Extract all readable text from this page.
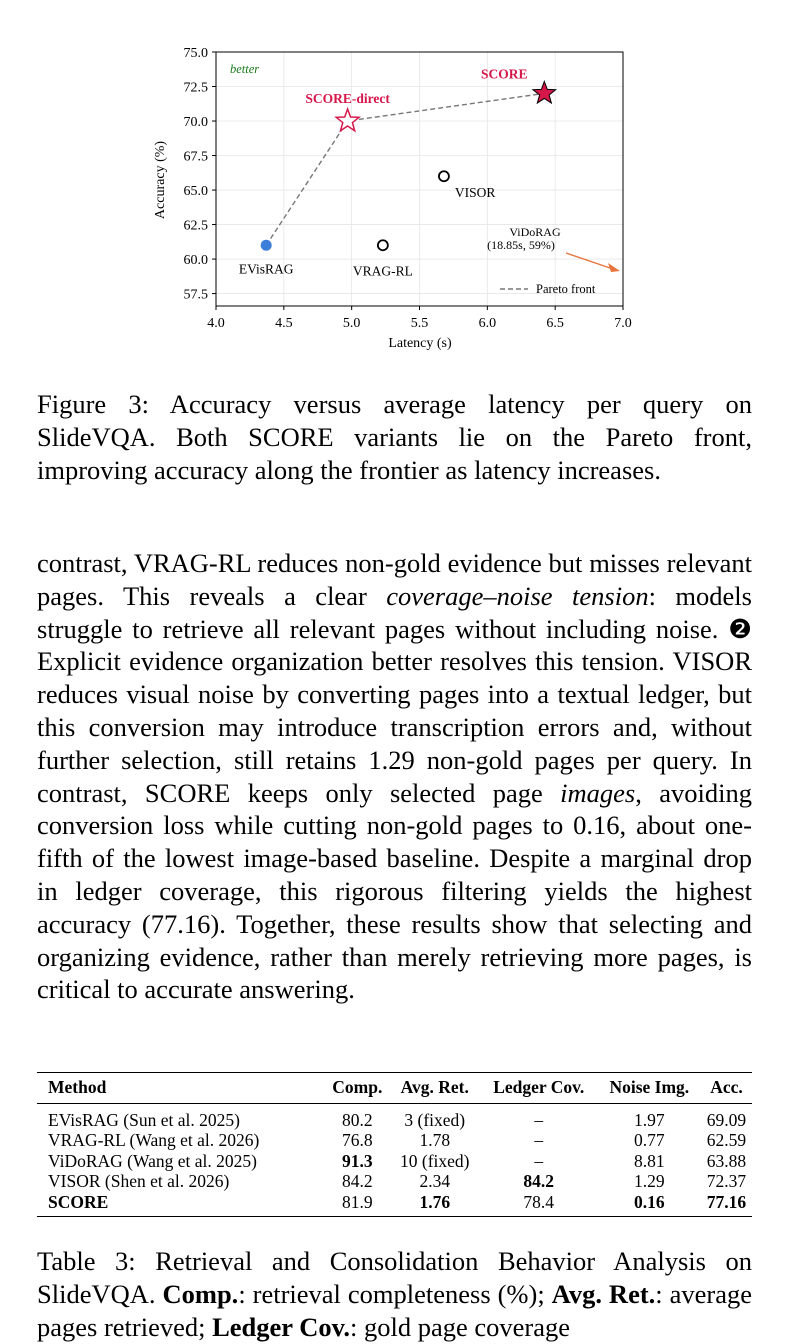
4.0	4.5	5.0	5.5	6.0	6.5	7.0
57.5
60.0
62.5
65.0
67.5
70.0
72.5
75.0
better
Latency (s)
Accuracy (%)
EVisRAG	VRAG-RL
VISOR
SCORE-direct
SCORE
ViDoRAG
(18.85s, 59%)
Pareto front
Figure 3: Accuracy versus average latency per query on SlideVQA. Both SCORE variants lie on the Pareto front, improving accuracy along the frontier as latency increases.

contrast, VRAG-RL reduces non-gold evidence but misses relevant pages. This reveals a clear coverage–noise tension: models struggle to retrieve all relevant pages without including noise. ❷ Explicit evidence organization better resolves this tension. VISOR reduces visual noise by converting pages into a textual ledger, but this conversion may introduce transcription errors and, without further selection, still retains 1.29 non-gold pages per query. In contrast, SCORE keeps only selected page images, avoiding conversion loss while cutting non-gold pages to 0.16, about one-fifth of the lowest image-based baseline. Despite a marginal drop in ledger coverage, this rigorous filtering yields the highest accuracy (77.16). Together, these results show that selecting and organizing evidence, rather than merely retrieving more pages, is critical to accurate answering.

Method	Comp.	Avg. Ret.	Ledger Cov.	Noise Img.	Acc.
EVisRAG (Sun et al. 2025)	80.2	3 (fixed)	–	1.97	69.09
VRAG-RL (Wang et al. 2026)	76.8	1.78	–	0.77	62.59
ViDoRAG (Wang et al. 2025)	91.3	10 (fixed)	–	8.81	63.88
VISOR (Shen et al. 2026)	84.2	2.34	84.2	1.29	72.37
SCORE	81.9	1.76	78.4	0.16	77.16
Table 3: Retrieval and Consolidation Behavior Analysis on SlideVQA. Comp.: retrieval completeness (%); Avg. Ret.: average pages retrieved; Ledger Cov.: gold page coverage
